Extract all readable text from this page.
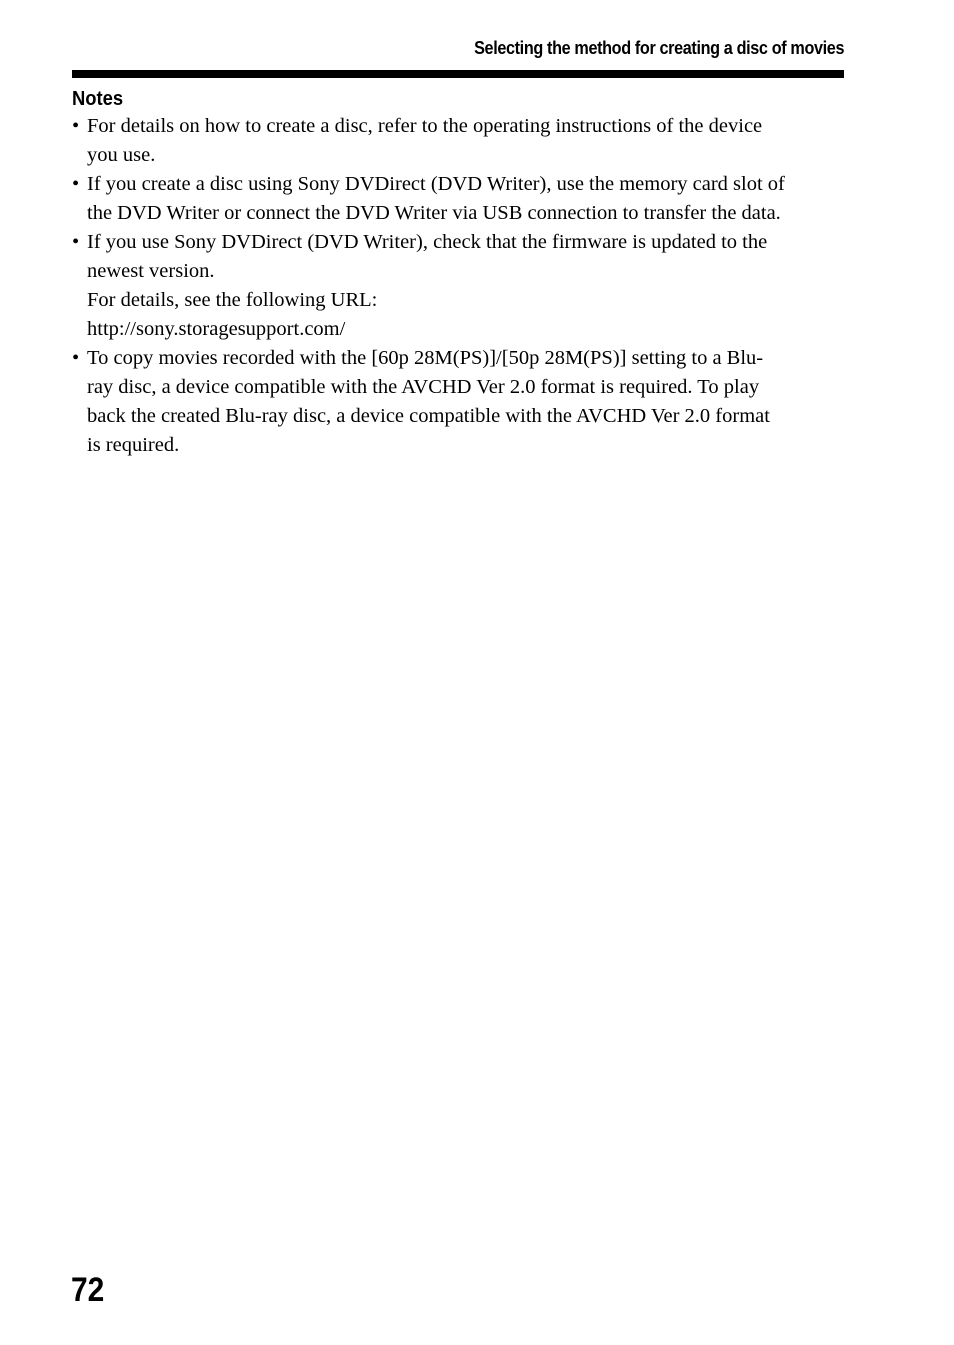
Selecting the method for creating a disc of movies
Notes
• For details on how to create a disc, refer to the operating instructions of the device
you use.
• If you create a disc using Sony DVDirect (DVD Writer), use the memory card slot of
the DVD Writer or connect the DVD Writer via USB connection to transfer the data.
• If you use Sony DVDirect (DVD Writer), check that the firmware is updated to the
newest version.
For details, see the following URL:
http://sony.storagesupport.com/
• To copy movies recorded with the [60p 28M(PS)]/[50p 28M(PS)] setting to a Blu-
ray disc, a device compatible with the AVCHD Ver 2.0 format is required. To play
back the created Blu-ray disc, a device compatible with the AVCHD Ver 2.0 format
is required.
72
